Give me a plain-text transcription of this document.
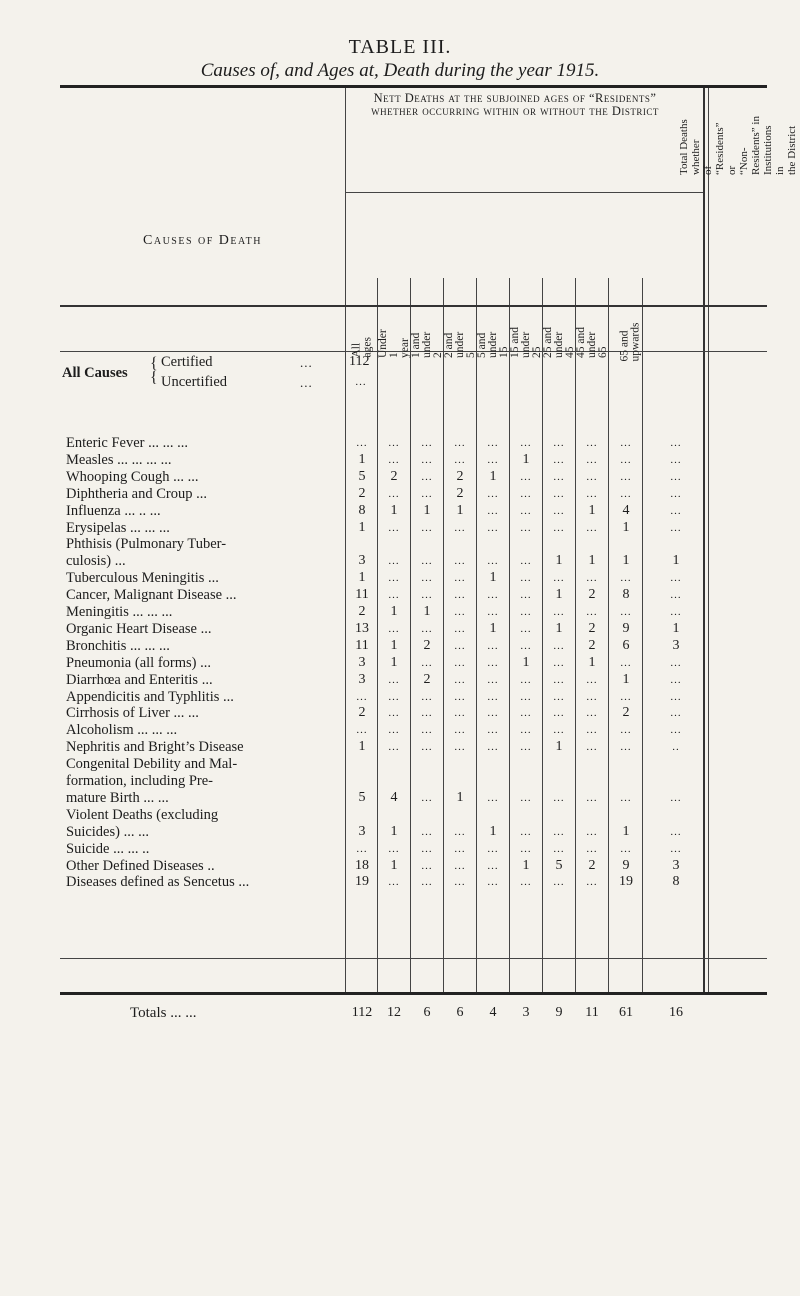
TABLE III.
Causes of, and Ages at, Death during the year 1915.
Causes of Death
Nett Deaths at the subjoined ages of “Residents” whether occurring within or without the District
All ages Under 1
year 1 and
under 2 2 and
under 5 5 and
under 15 15 and
under 25 25 and
under 45 45 and
under 65 65 and
upwards
Total Deaths whether
of “Residents” or
“Non-Residents” in
Institutions in
the District
All Causes
{
{
Certified	...	112
Uncertified	...	...
Enteric Fever ... ... ...	...	...	...	...	...	...	...	...	...	...
Measles ... ... ... ...	1	...	...	...	...	1	...	...	...	...
Whooping Cough ... ...	5	2	...	2	1	...	...	...	...	...
Diphtheria and Croup ...	2	...	...	2	...	...	...	...	...	...
Influenza ... .. ...	8	1	1	1	...	...	...	1	4	...
Erysipelas ... ... ...	1	...	...	...	...	...	...	...	1	...
Phthisis (Pulmonary Tuber-
culosis) ...	3	...	...	...	...	...	1	1	1	1
Tuberculous Meningitis ...	1	...	...	...	1	...	...	...	...	...
Cancer, Malignant Disease ...	11	...	...	...	...	...	1	2	8	...
Meningitis ... ... ...	2	1	1	...	...	...	...	...	...	...
Organic Heart Disease ...	13	...	...	...	1	...	1	2	9	1
Bronchitis ... ... ...	11	1	2	...	...	...	...	2	6	3
Pneumonia (all forms) ...	3	1	...	...	...	1	...	1	...	...
Diarrhœa and Enteritis ...	3	...	2	...	...	...	...	...	1	...
Appendicitis and Typhlitis ...	...	...	...	...	...	...	...	...	...	...
Cirrhosis of Liver ... ...	2	...	...	...	...	...	...	...	2	...
Alcoholism ... ... ...	...	...	...	...	...	...	...	...	...	...
Nephritis and Bright’s Disease	1	...	...	...	...	...	1	...	...	..
Congenital Debility and Mal-
formation, including Pre-
mature Birth ... ...	5	4	...	1	...	...	...	...	...	...
Violent Deaths (excluding
Suicides) ... ...	3	1	...	...	1	...	...	...	1	...
Suicide ... ... ..	...	...	...	...	...	...	...	...	...	...
Other Defined Diseases ..	18	1	...	...	...	1	5	2	9	3
Diseases defined as Sencetus ...	19	...	...	...	...	...	...	...	19	8
Totals ... ...	112	12	6	6	4	3	9	11	61	16
